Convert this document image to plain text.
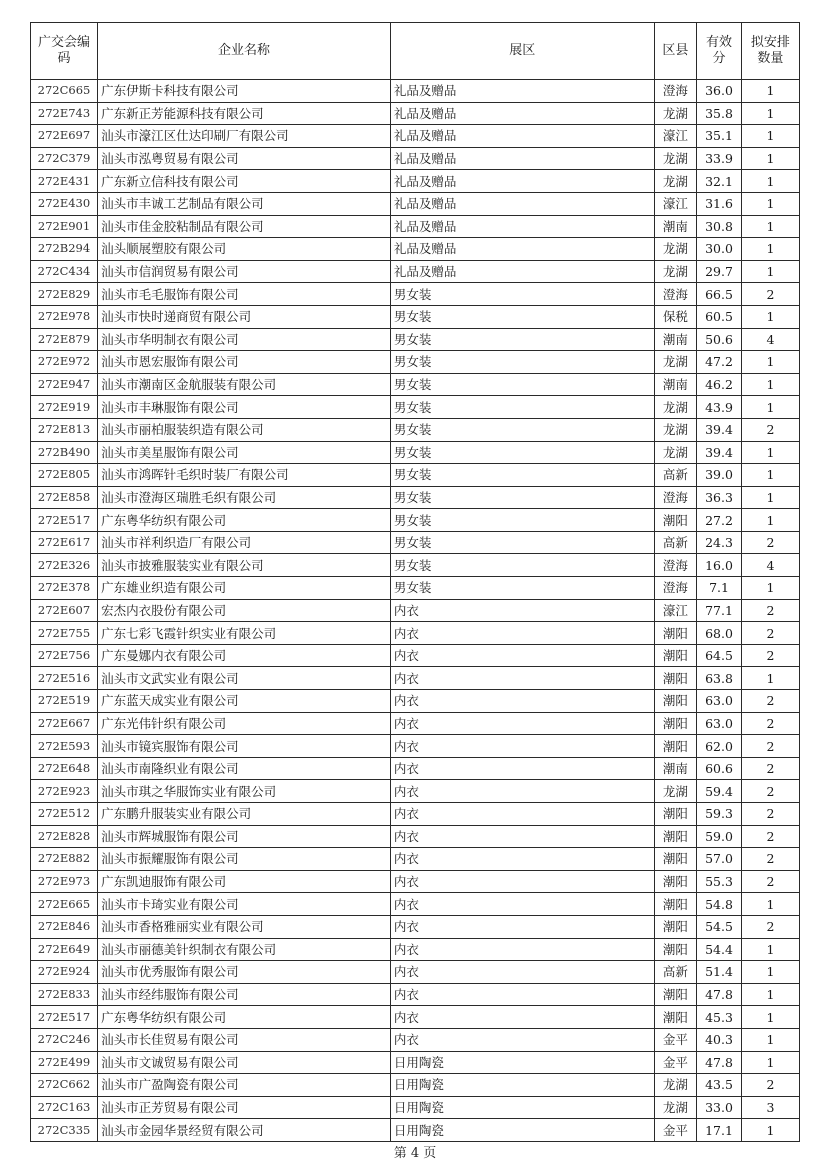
广交会编码	企业名称	展区	区县	有效分	拟安排数量
272C665	广东伊斯卡科技有限公司	礼品及赠品	澄海	36.0	1
272E743	广东新正芳能源科技有限公司	礼品及赠品	龙湖	35.8	1
272E697	汕头市濠江区仕达印刷厂有限公司	礼品及赠品	濠江	35.1	1
272C379	汕头市泓粤贸易有限公司	礼品及赠品	龙湖	33.9	1
272E431	广东新立信科技有限公司	礼品及赠品	龙湖	32.1	1
272E430	汕头市丰诚工艺制品有限公司	礼品及赠品	濠江	31.6	1
272E901	汕头市佳金胶粘制品有限公司	礼品及赠品	潮南	30.8	1
272B294	汕头顺展塑胶有限公司	礼品及赠品	龙湖	30.0	1
272C434	汕头市信润贸易有限公司	礼品及赠品	龙湖	29.7	1
272E829	汕头市毛毛服饰有限公司	男女装	澄海	66.5	2
272E978	汕头市快时递商贸有限公司	男女装	保税	60.5	1
272E879	汕头市华明制衣有限公司	男女装	潮南	50.6	4
272E972	汕头市恩宏服饰有限公司	男女装	龙湖	47.2	1
272E947	汕头市潮南区金航服装有限公司	男女装	潮南	46.2	1
272E919	汕头市丰琳服饰有限公司	男女装	龙湖	43.9	1
272E813	汕头市丽柏服装织造有限公司	男女装	龙湖	39.4	2
272B490	汕头市美星服饰有限公司	男女装	龙湖	39.4	1
272E805	汕头市鸿晖针毛织时装厂有限公司	男女装	高新	39.0	1
272E858	汕头市澄海区瑞胜毛织有限公司	男女装	澄海	36.3	1
272E517	广东粤华纺织有限公司	男女装	潮阳	27.2	1
272E617	汕头市祥利织造厂有限公司	男女装	高新	24.3	2
272E326	汕头市披雅服装实业有限公司	男女装	澄海	16.0	4
272E378	广东雄业织造有限公司	男女装	澄海	7.1	1
272E607	宏杰内衣股份有限公司	内衣	濠江	77.1	2
272E755	广东七彩飞霞针织实业有限公司	内衣	潮阳	68.0	2
272E756	广东曼娜内衣有限公司	内衣	潮阳	64.5	2
272E516	汕头市文武实业有限公司	内衣	潮阳	63.8	1
272E519	广东蓝天成实业有限公司	内衣	潮阳	63.0	2
272E667	广东光伟针织有限公司	内衣	潮阳	63.0	2
272E593	汕头市镜宾服饰有限公司	内衣	潮阳	62.0	2
272E648	汕头市南隆织业有限公司	内衣	潮南	60.6	2
272E923	汕头市琪之华服饰实业有限公司	内衣	龙湖	59.4	2
272E512	广东鹏升服装实业有限公司	内衣	潮阳	59.3	2
272E828	汕头市辉城服饰有限公司	内衣	潮阳	59.0	2
272E882	汕头市振耀服饰有限公司	内衣	潮阳	57.0	2
272E973	广东凯迪服饰有限公司	内衣	潮阳	55.3	2
272E665	汕头市卡琦实业有限公司	内衣	潮阳	54.8	1
272E846	汕头市香格雅丽实业有限公司	内衣	潮阳	54.5	2
272E649	汕头市丽德美针织制衣有限公司	内衣	潮阳	54.4	1
272E924	汕头市优秀服饰有限公司	内衣	高新	51.4	1
272E833	汕头市经纬服饰有限公司	内衣	潮阳	47.8	1
272E517	广东粤华纺织有限公司	内衣	潮阳	45.3	1
272C246	汕头市长佳贸易有限公司	内衣	金平	40.3	1
272E499	汕头市文诚贸易有限公司	日用陶瓷	金平	47.8	1
272C662	汕头市广盈陶瓷有限公司	日用陶瓷	龙湖	43.5	2
272C163	汕头市正芳贸易有限公司	日用陶瓷	龙湖	33.0	3
272C335	汕头市金园华景经贸有限公司	日用陶瓷	金平	17.1	1
第 4 页
